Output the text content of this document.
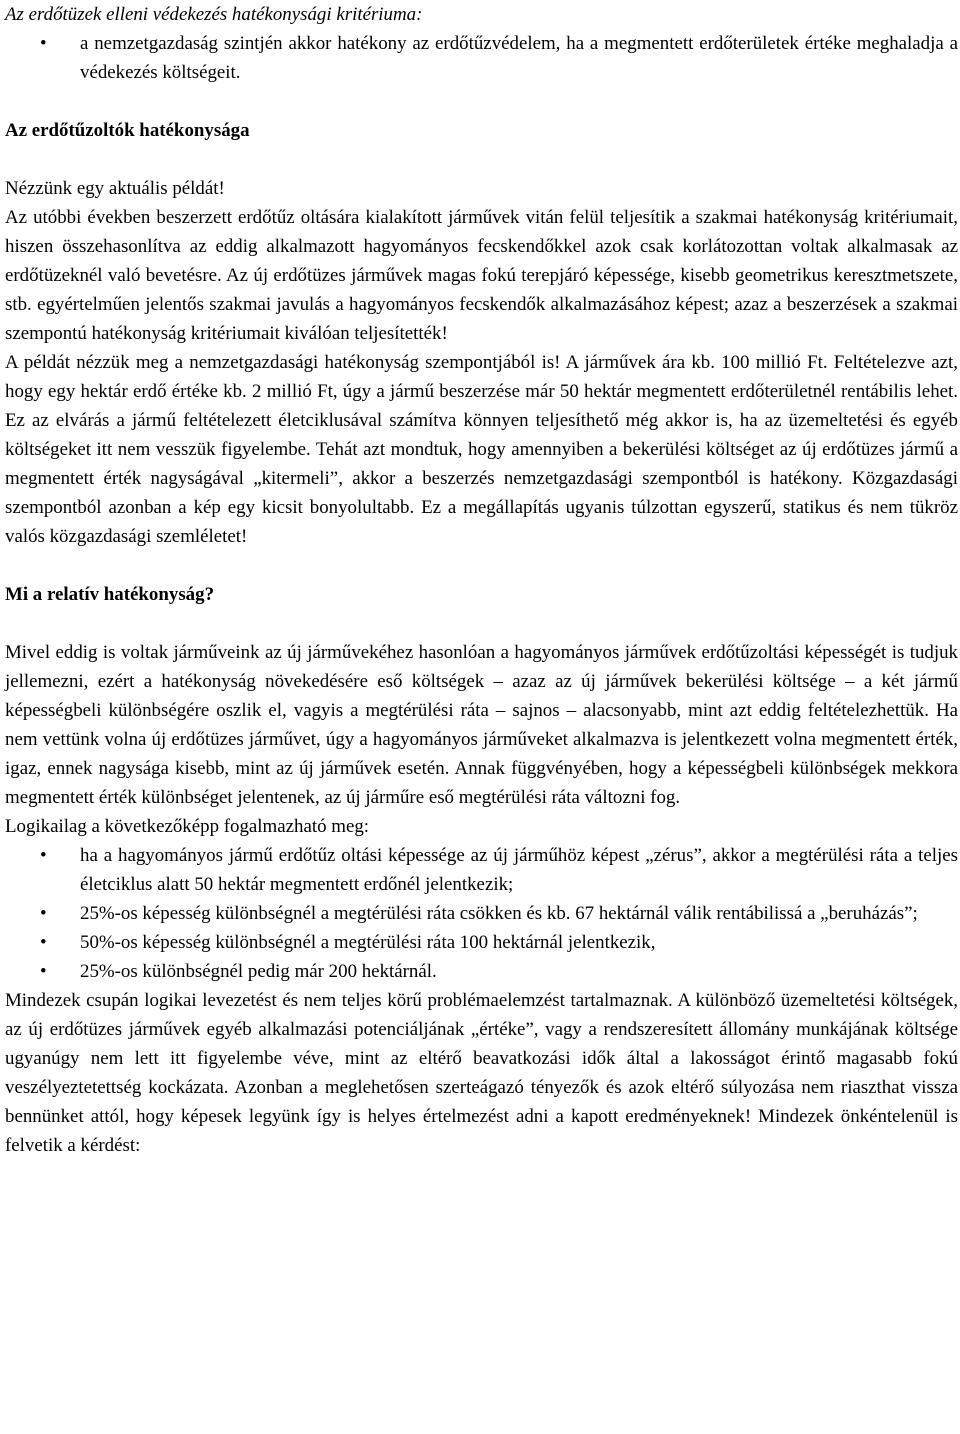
Az erdőtüzek elleni védekezés hatékonysági kritériuma:

• a nemzetgazdaság szintjén akkor hatékony az erdőtűzvédelem, ha a megmentett erdőterületek értéke meghaladja a védekezés költségeit.

Az erdőtűzoltók hatékonysága

Nézzünk egy aktuális példát!

Az utóbbi években beszerzett erdőtűz oltására kialakított járművek vitán felül teljesítik a szakmai hatékonyság kritériumait, hiszen összehasonlítva az eddig alkalmazott hagyományos fecskendőkkel azok csak korlátozottan voltak alkalmasak az erdőtüzeknél való bevetésre. Az új erdőtüzes járművek magas fokú terepjáró képessége, kisebb geometrikus keresztmetszete, stb. egyértelműen jelentős szakmai javulás a hagyományos fecskendők alkalmazásához képest; azaz a beszerzések a szakmai szempontú hatékonyság kritériumait kiválóan teljesítették!

A példát nézzük meg a nemzetgazdasági hatékonyság szempontjából is! A járművek ára kb. 100 millió Ft. Feltételezve azt, hogy egy hektár erdő értéke kb. 2 millió Ft, úgy a jármű beszerzése már 50 hektár megmentett erdőterületnél rentábilis lehet. Ez az elvárás a jármű feltételezett életciklusával számítva könnyen teljesíthető még akkor is, ha az üzemeltetési és egyéb költségeket itt nem vesszük figyelembe. Tehát azt mondtuk, hogy amennyiben a bekerülési költséget az új erdőtüzes jármű a megmentett érték nagyságával „kitermeli”, akkor a beszerzés nemzetgazdasági szempontból is hatékony. Közgazdasági szempontból azonban a kép egy kicsit bonyolultabb. Ez a megállapítás ugyanis túlzottan egyszerű, statikus és nem tükröz valós közgazdasági szemléletet!

Mi a relatív hatékonyság?

Mivel eddig is voltak járműveink az új járművekéhez hasonlóan a hagyományos járművek erdőtűzoltási képességét is tudjuk jellemezni, ezért a hatékonyság növekedésére eső költségek – azaz az új járművek bekerülési költsége – a két jármű képességbeli különbségére oszlik el, vagyis a megtérülési ráta – sajnos – alacsonyabb, mint azt eddig feltételezhettük. Ha nem vettünk volna új erdőtüzes járművet, úgy a hagyományos járműveket alkalmazva is jelentkezett volna megmentett érték, igaz, ennek nagysága kisebb, mint az új járművek esetén. Annak függvényében, hogy a képességbeli különbségek mekkora megmentett érték különbséget jelentenek, az új járműre eső megtérülési ráta változni fog.

Logikailag a következőképp fogalmazható meg:

• ha a hagyományos jármű erdőtűz oltási képessége az új járműhöz képest „zérus”, akkor a megtérülési ráta a teljes életciklus alatt 50 hektár megmentett erdőnél jelentkezik;
• 25%-os képesség különbségnél a megtérülési ráta csökken és kb. 67 hektárnál válik rentábilissá a „beruházás”;
• 50%-os képesség különbségnél a megtérülési ráta 100 hektárnál jelentkezik,
• 25%-os különbségnél pedig már 200 hektárnál.

Mindezek csupán logikai levezetést és nem teljes körű problémaelemzést tartalmaznak. A különböző üzemeltetési költségek, az új erdőtüzes járművek egyéb alkalmazási potenciáljának „értéke”, vagy a rendszeresített állomány munkájának költsége ugyanúgy nem lett itt figyelembe véve, mint az eltérő beavatkozási idők által a lakosságot érintő magasabb fokú veszélyeztetettség kockázata. Azonban a meglehetősen szerteágazó tényezők és azok eltérő súlyozása nem riaszthat vissza bennünket attól, hogy képesek legyünk így is helyes értelmezést adni a kapott eredményeknek! Mindezek önkéntelenül is felvetik a kérdést:
